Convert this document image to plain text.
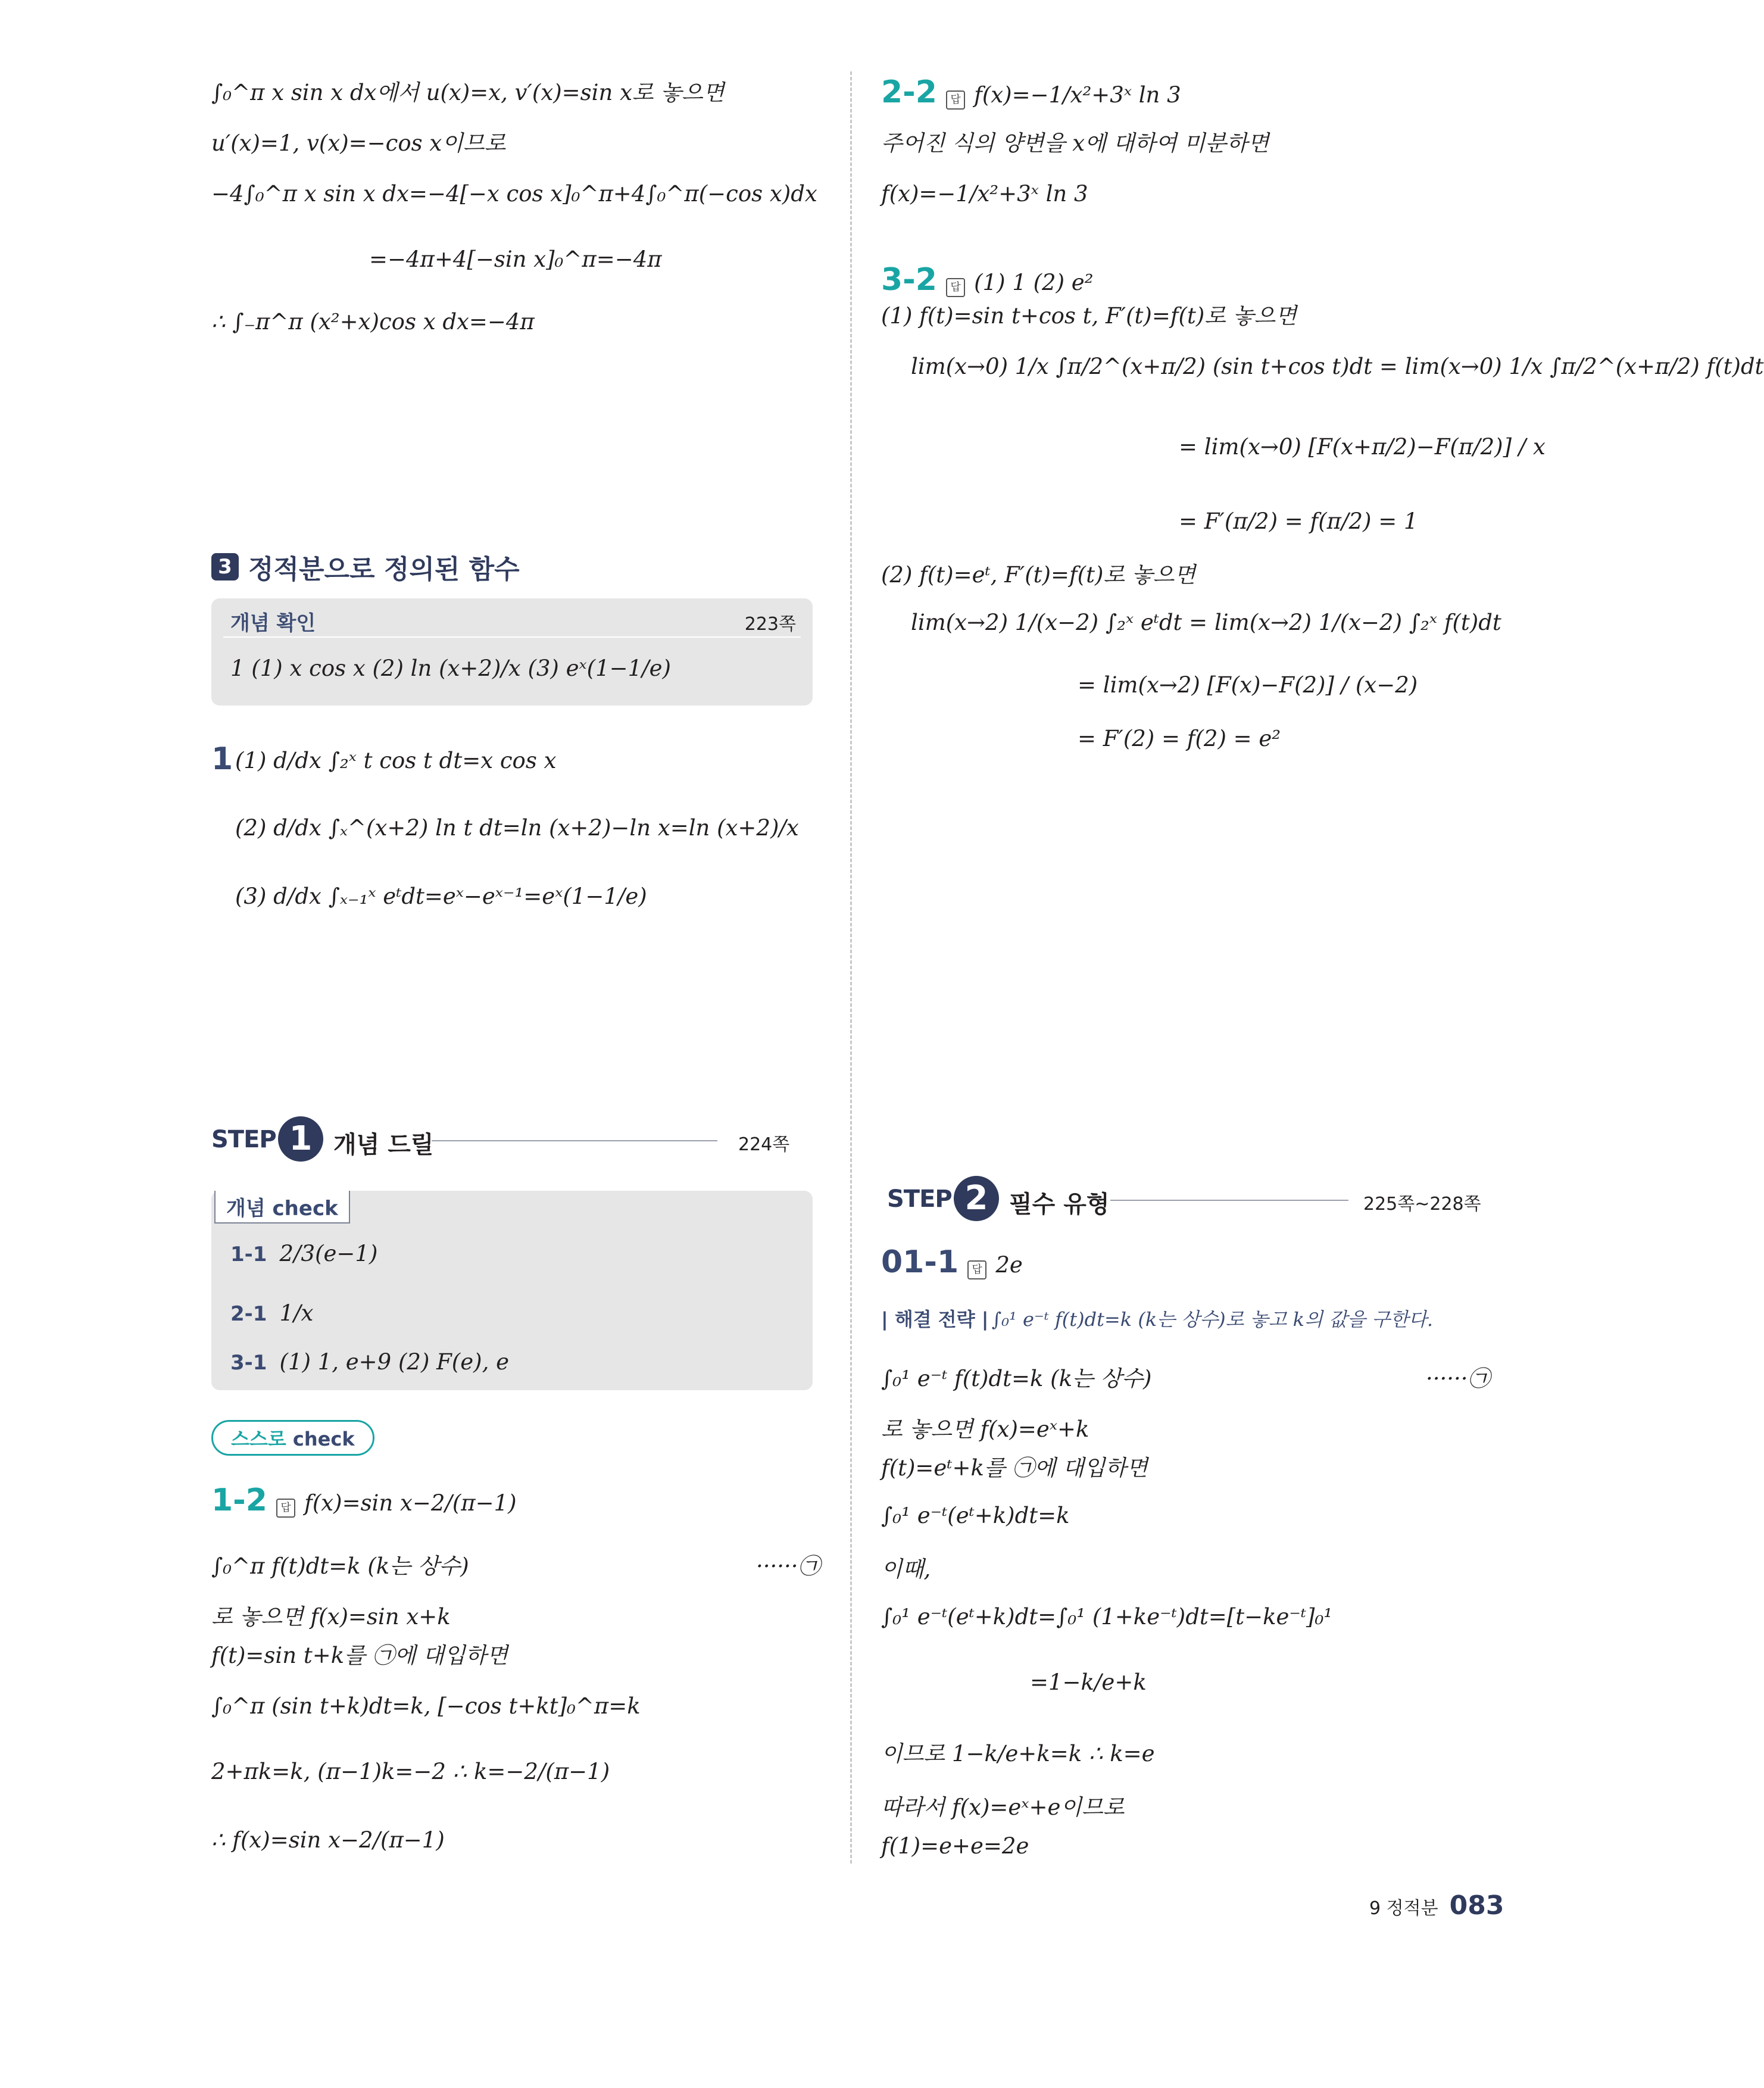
∫₀^π x sin x dx에서 u(x)=x, v′(x)=sin x로 놓으면
u′(x)=1, v(x)=−cos x이므로
−4∫₀^π x sin x dx=−4[−x cos x]₀^π+4∫₀^π(−cos x)dx
=−4π+4[−sin x]₀^π=−4π
∴ ∫₋π^π (x²+x)cos x dx=−4π
3 정적분으로 정의된 함수
개념 확인	223쪽
1 (1) x cos x (2) ln (x+2)/x (3) eˣ(1−1/e)
1 (1) d/dx ∫₂ˣ t cos t dt=x cos x
(2) d/dx ∫ₓ^(x+2) ln t dt=ln (x+2)−ln x=ln (x+2)/x
(3) d/dx ∫ₓ₋₁ˣ eᵗdt=eˣ−eˣ⁻¹=eˣ(1−1/e)
STEP 1 개념 드릴	224쪽
1-1 2/3(e−1)
2-1 1/x
3-1 (1) 1, e+9 (2) F(e), e
개념 check
스스로 check
1-2 답 f(x)=sin x−2/(π−1)
∫₀^π f(t)dt=k (k는 상수)	······㉠
로 놓으면 f(x)=sin x+k
f(t)=sin t+k를 ㉠에 대입하면
∫₀^π (sin t+k)dt=k, [−cos t+kt]₀^π=k
2+πk=k, (π−1)k=−2 ∴ k=−2/(π−1)
∴ f(x)=sin x−2/(π−1)
2-2 답 f(x)=−1/x²+3ˣ ln 3
주어진 식의 양변을 x에 대하여 미분하면
f(x)=−1/x²+3ˣ ln 3
3-2 답 (1) 1 (2) e²
(1) f(t)=sin t+cos t, F′(t)=f(t)로 놓으면
lim(x→0) 1/x ∫π/2^(x+π/2) (sin t+cos t)dt = lim(x→0) 1/x ∫π/2^(x+π/2) f(t)dt
= lim(x→0) [F(x+π/2)−F(π/2)] / x
= F′(π/2) = f(π/2) = 1
(2) f(t)=eᵗ, F′(t)=f(t)로 놓으면
lim(x→2) 1/(x−2) ∫₂ˣ eᵗdt = lim(x→2) 1/(x−2) ∫₂ˣ f(t)dt
= lim(x→2) [F(x)−F(2)] / (x−2)
= F′(2) = f(2) = e²
STEP 2 필수 유형	225쪽~228쪽
01-1 답 2e
| 해결 전략 | ∫₀¹ e⁻ᵗ f(t)dt=k (k는 상수)로 놓고 k의 값을 구한다.
∫₀¹ e⁻ᵗ f(t)dt=k (k는 상수)	······㉠
로 놓으면 f(x)=eˣ+k
f(t)=eᵗ+k를 ㉠에 대입하면
∫₀¹ e⁻ᵗ(eᵗ+k)dt=k
이때,
∫₀¹ e⁻ᵗ(eᵗ+k)dt=∫₀¹ (1+ke⁻ᵗ)dt=[t−ke⁻ᵗ]₀¹
=1−k/e+k
이므로 1−k/e+k=k ∴ k=e
따라서 f(x)=eˣ+e이므로
f(1)=e+e=2e
9 정적분 083
